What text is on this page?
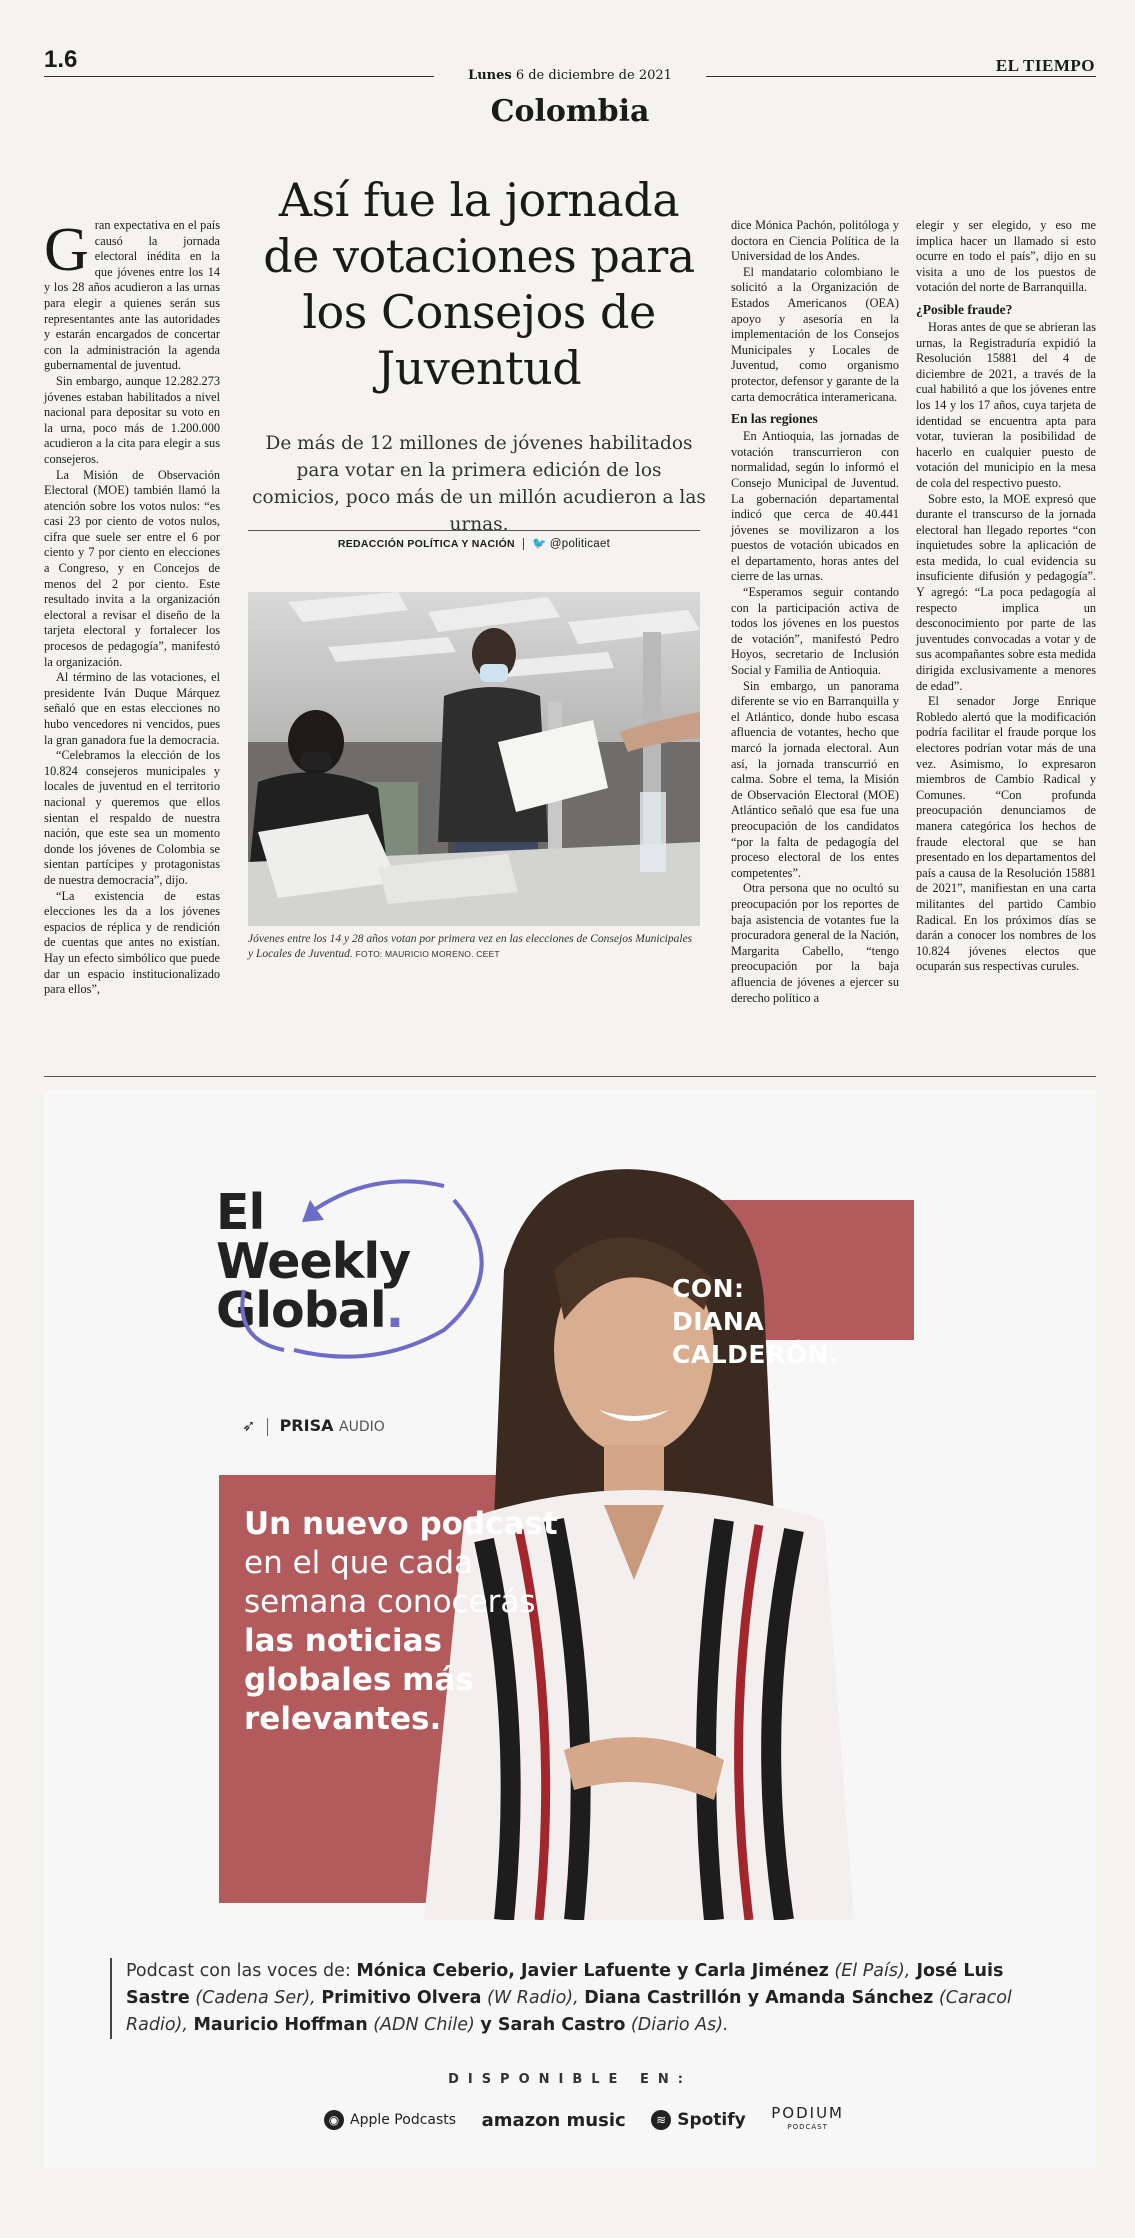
1.6
Lunes 6 de diciembre de 2021
EL TIEMPO
Colombia

Gran expectativa en el país causó la jornada electoral inédita en la que jóvenes entre los 14 y los 28 años acudieron a las urnas para elegir a quienes serán sus representantes ante las autoridades y estarán encargados de concertar con la administración la agenda gubernamental de juventud.

Sin embargo, aunque 12.282.273 jóvenes estaban habilitados a nivel nacional para depositar su voto en la urna, poco más de 1.200.000 acudieron a la cita para elegir a sus consejeros.

La Misión de Observación Electoral (MOE) también llamó la atención sobre los votos nulos: “es casi 23 por ciento de votos nulos, cifra que suele ser entre el 6 por ciento y 7 por ciento en elecciones a Congreso, y en Concejos de menos del 2 por ciento. Este resultado invita a la organización electoral a revisar el diseño de la tarjeta electoral y fortalecer los procesos de pedagogía”, manifestó la organización.

Al término de las votaciones, el presidente Iván Duque Márquez señaló que en estas elecciones no hubo vencedores ni vencidos, pues la gran ganadora fue la democracia.

“Celebramos la elección de los 10.824 consejeros municipales y locales de juventud en el territorio nacional y queremos que ellos sientan el respaldo de nuestra nación, que este sea un momento donde los jóvenes de Colombia se sientan partícipes y protagonistas de nuestra democracia”, dijo.

“La existencia de estas elecciones les da a los jóvenes espacios de réplica y de rendición de cuentas que antes no existían. Hay un efecto simbólico que puede dar un espacio institucionalizado para ellos”,

Así fue la jornada de votaciones para los Consejos de Juventud
De más de 12 millones de jóvenes habilitados para votar en la primera edición de los comicios, poco más de un millón acudieron a las urnas.
REDACCIÓN POLÍTICA Y NACIÓN 🐦 @politicaet
Jóvenes entre los 14 y 28 años votan por primera vez en las elecciones de Consejos Municipales y Locales de Juventud. FOTO: MAURICIO MORENO. CEET

dice Mónica Pachón, politóloga y doctora en Ciencia Política de la Universidad de los Andes.

El mandatario colombiano le solicitó a la Organización de Estados Americanos (OEA) apoyo y asesoría en la implementación de los Consejos Municipales y Locales de Juventud, como organismo protector, defensor y garante de la carta democrática interamericana.

En las regiones

En Antioquia, las jornadas de votación transcurrieron con normalidad, según lo informó el Consejo Municipal de Juventud. La gobernación departamental indicó que cerca de 40.441 jóvenes se movilizaron a los puestos de votación ubicados en el departamento, horas antes del cierre de las urnas.

“Esperamos seguir contando con la participación activa de todos los jóvenes en los puestos de votación”, manifestó Pedro Hoyos, secretario de Inclusión Social y Familia de Antioquia.

Sin embargo, un panorama diferente se vio en Barranquilla y el Atlántico, donde hubo escasa afluencia de votantes, hecho que marcó la jornada electoral. Aun así, la jornada transcurrió en calma. Sobre el tema, la Misión de Observación Electoral (MOE) Atlántico señaló que esa fue una preocupación de los candidatos “por la falta de pedagogía del proceso electoral de los entes competentes”.

Otra persona que no ocultó su preocupación por los reportes de baja asistencia de votantes fue la procuradora general de la Nación, Margarita Cabello, “tengo preocupación por la baja afluencia de jóvenes a ejercer su derecho político a

elegir y ser elegido, y eso me implica hacer un llamado si esto ocurre en todo el país”, dijo en su visita a uno de los puestos de votación del norte de Barranquilla.

¿Posible fraude?

Horas antes de que se abrieran las urnas, la Registraduría expidió la Resolución 15881 del 4 de diciembre de 2021, a través de la cual habilitó a que los jóvenes entre los 14 y los 17 años, cuya tarjeta de identidad se encuentra apta para votar, tuvieran la posibilidad de hacerlo en cualquier puesto de votación del municipio en la mesa de cola del respectivo puesto.

Sobre esto, la MOE expresó que durante el transcurso de la jornada electoral han llegado reportes “con inquietudes sobre la aplicación de esta medida, lo cual evidencia su insuficiente difusión y pedagogía”. Y agregó: “La poca pedagogía al respecto implica un desconocimiento por parte de las juventudes convocadas a votar y de sus acompañantes sobre esta medida dirigida exclusivamente a menores de edad”.

El senador Jorge Enrique Robledo alertó que la modificación podría facilitar el fraude porque los electores podrían votar más de una vez. Asimismo, lo expresaron miembros de Cambio Radical y Comunes. “Con profunda preocupación denunciamos de manera categórica los hechos de fraude electoral que se han presentado en los departamentos del país a causa de la Resolución 15881 de 2021”, manifiestan en una carta militantes del partido Cambio Radical. En los próximos días se darán a conocer los nombres de los 10.824 jóvenes electos que ocuparán sus respectivas curules.

El
Weekly
Global.	CON:
DIANA
CALDERÓN.
➶ PRISA AUDIO
Un nuevo podcast en el que cada semana conocerás las noticias globales más relevantes.
Podcast con las voces de: Mónica Ceberio, Javier Lafuente y Carla Jiménez (El País), José Luis Sastre (Cadena Ser), Primitivo Olvera (W Radio), Diana Castrillón y Amanda Sánchez (Caracol Radio), Mauricio Hoffman (ADN Chile) y Sarah Castro (Diario As).
DISPONIBLE EN:
◉ Apple Podcasts amazon music	≋ Spotify PODIUM
PODCAST
